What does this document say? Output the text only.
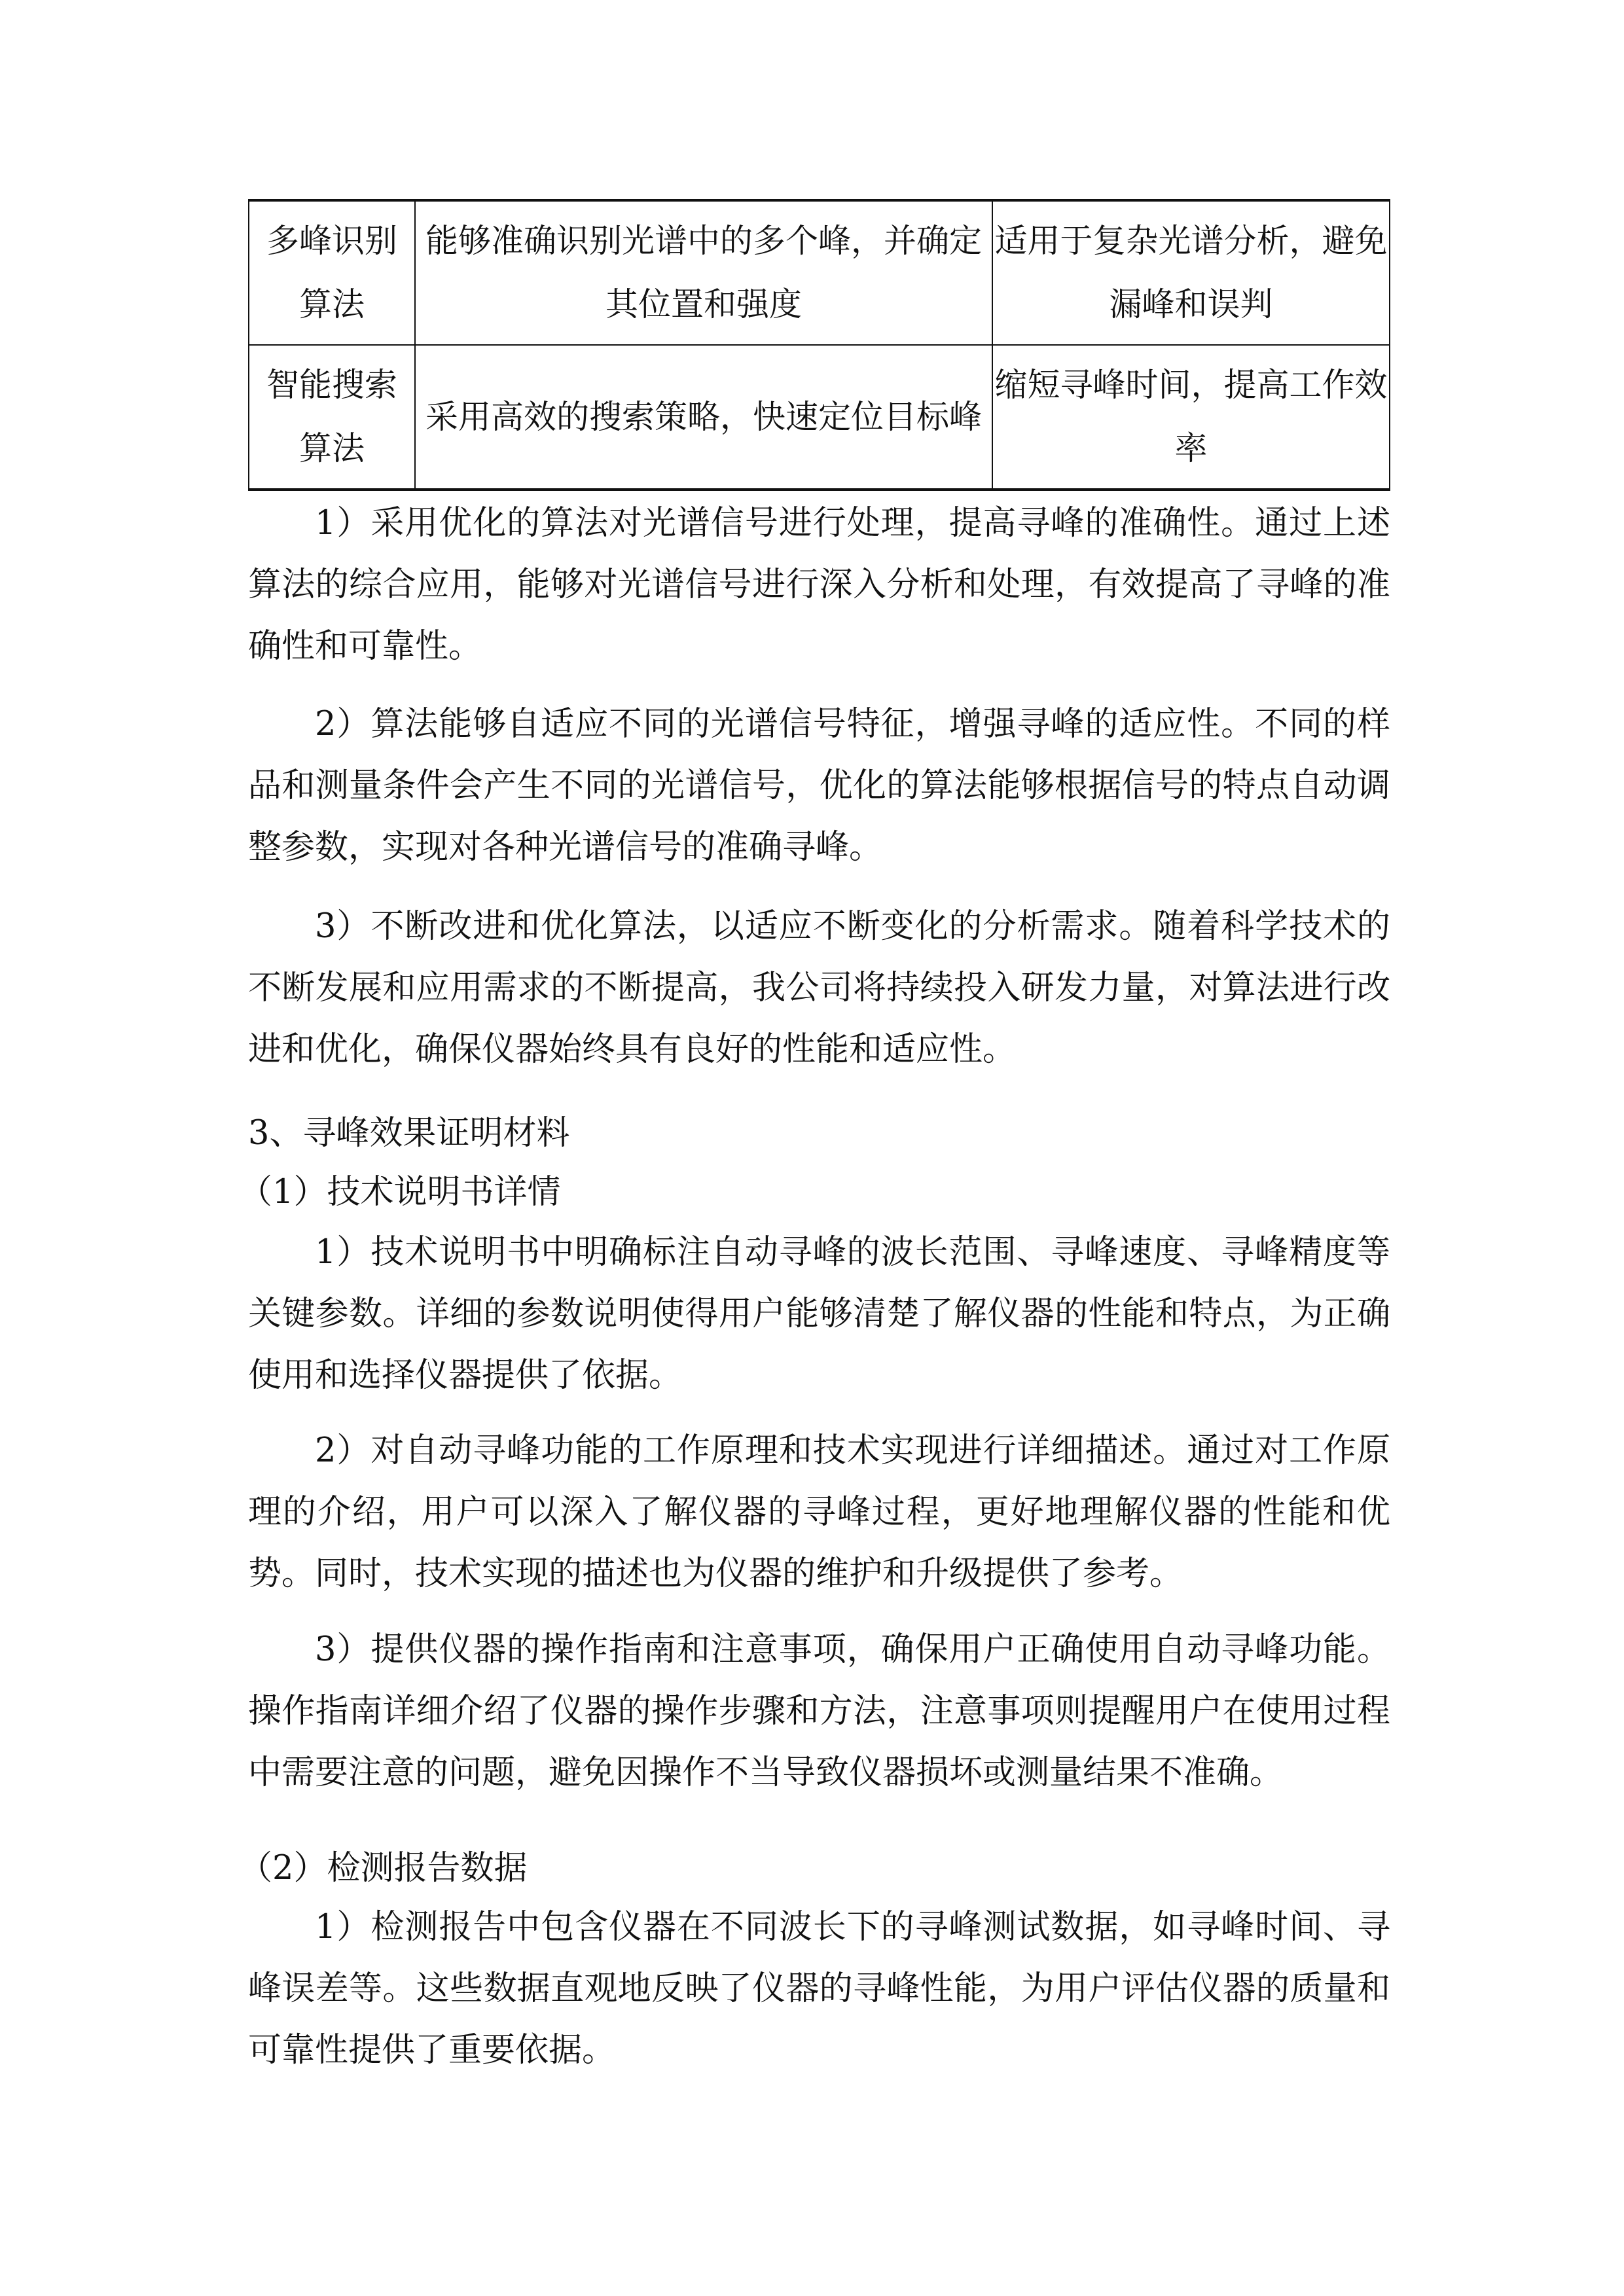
多峰识别算法	能够准确识别光谱中的多个峰，并确定其位置和强度	适用于复杂光谱分析，避免漏峰和误判
智能搜索算法	采用高效的搜索策略，快速定位目标峰	缩短寻峰时间，提高工作效率
1）采用优化的算法对光谱信号进行处理，提高寻峰的准确性。通过上述算法的综合应用，能够对光谱信号进行深入分析和处理，有效提高了寻峰的准确性和可靠性。
2）算法能够自适应不同的光谱信号特征，增强寻峰的适应性。不同的样品和测量条件会产生不同的光谱信号，优化的算法能够根据信号的特点自动调整参数，实现对各种光谱信号的准确寻峰。
3）不断改进和优化算法，以适应不断变化的分析需求。随着科学技术的不断发展和应用需求的不断提高，我公司将持续投入研发力量，对算法进行改进和优化，确保仪器始终具有良好的性能和适应性。
3、寻峰效果证明材料
（1）技术说明书详情
1）技术说明书中明确标注自动寻峰的波长范围、寻峰速度、寻峰精度等关键参数。详细的参数说明使得用户能够清楚了解仪器的性能和特点，为正确使用和选择仪器提供了依据。
2）对自动寻峰功能的工作原理和技术实现进行详细描述。通过对工作原理的介绍，用户可以深入了解仪器的寻峰过程，更好地理解仪器的性能和优势。同时，技术实现的描述也为仪器的维护和升级提供了参考。
3）提供仪器的操作指南和注意事项，确保用户正确使用自动寻峰功能。操作指南详细介绍了仪器的操作步骤和方法，注意事项则提醒用户在使用过程中需要注意的问题，避免因操作不当导致仪器损坏或测量结果不准确。
（2）检测报告数据
1）检测报告中包含仪器在不同波长下的寻峰测试数据，如寻峰时间、寻峰误差等。这些数据直观地反映了仪器的寻峰性能，为用户评估仪器的质量和可靠性提供了重要依据。
